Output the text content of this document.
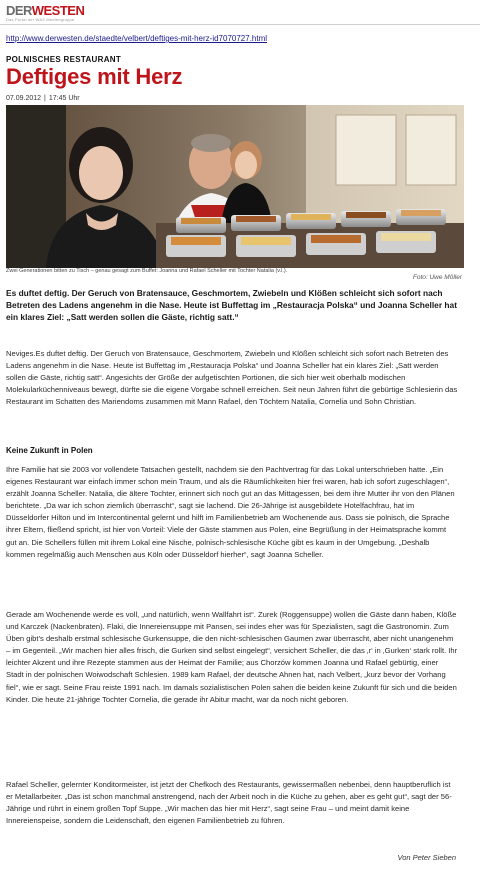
DERWESTEN
Das Portal der WAZ Mediengruppe
http://www.derwesten.de/staedte/velbert/deftiges-mit-herz-id7070727.html
POLNISCHES RESTAURANT
Deftiges mit Herz
07.09.2012 | 17:45 Uhr
Zwei Generationen bitten zu Tisch – genau gesagt zum Buffet: Joanna und Rafael Scheller mit Tochter Natalia (v.l.).
Foto: Uwe Möller
Es duftet deftig. Der Geruch von Bratensauce, Geschmortem, Zwiebeln und Klößen schleicht sich sofort nach Betreten des Ladens angenehm in die Nase. Heute ist Buffettag im „Restauracja Polska“ und Joanna Scheller hat ein klares Ziel: „Satt werden sollen die Gäste, richtig satt.“
Neviges.Es duftet deftig. Der Geruch von Bratensauce, Geschmortem, Zwiebeln und Klößen schleicht sich sofort nach Betreten des Ladens angenehm in die Nase. Heute ist Buffettag im „Restauracja Polska“ und Joanna Scheller hat ein klares Ziel: „Satt werden sollen die Gäste, richtig satt“. Angesichts der Größe der aufgetischten Portionen, die sich hier weit oberhalb modischen Molekularküchenniveaus bewegt, dürfte sie die eigene Vorgabe schnell erreichen. Seit neun Jahren führt die gebürtige Schlesierin das Restaurant im Schatten des Mariendoms zusammen mit Mann Rafael, den Töchtern Natalia, Cornelia und Sohn Christian.
Keine Zukunft in Polen
Ihre Familie hat sie 2003 vor vollendete Tatsachen gestellt, nachdem sie den Pachtvertrag für das Lokal unterschrieben hatte. „Ein eigenes Restaurant war einfach immer schon mein Traum, und als die Räumlichkeiten hier frei waren, hab ich sofort zugeschlagen“, erzählt Joanna Scheller. Natalia, die ältere Tochter, erinnert sich noch gut an das Mittagessen, bei dem ihre Mutter ihr von den Plänen berichtete. „Da war ich schon ziemlich überrascht“, sagt sie lachend. Die 26-Jährige ist ausgebildete Hotelfachfrau, hat im Düsseldorfer Hilton und im Intercontinental gelernt und hilft im Familienbetrieb am Wochenende aus. Dass sie polnisch, die Sprache ihrer Eltern, fließend spricht, ist hier von Vorteil: Viele der Gäste stammen aus Polen, eine Begrüßung in der Heimatsprache kommt gut an. Die Schellers füllen mit ihrem Lokal eine Nische, polnisch-schlesische Küche gibt es kaum in der Umgebung. „Deshalb kommen regelmäßig auch Menschen aus Köln oder Düsseldorf hierher“, sagt Joanna Scheller.
Gerade am Wochenende werde es voll, „und natürlich, wenn Wallfahrt ist“. Zurek (Roggensuppe) wollen die Gäste dann haben, Klöße und Karczek (Nackenbraten). Flaki, die Innereiensuppe mit Pansen, sei indes eher was für Spezialisten, sagt die Gastronomin. Zum Üben gibt’s deshalb erstmal schlesische Gurkensuppe, die den nicht-schlesischen Gaumen zwar überrascht, aber nicht unangenehm – im Gegenteil. „Wir machen hier alles frisch, die Gurken sind selbst eingelegt“, versichert Scheller, die das ‚r‘ in ‚Gurken‘ stark rollt. Ihr leichter Akzent und ihre Rezepte stammen aus der Heimat der Familie; aus Chorzów kommen Joanna und Rafael gebürtig, einer Stadt in der polnischen Woiwodschaft Schlesien. 1989 kam Rafael, der deutsche Ahnen hat, nach Velbert, „kurz bevor der Vorhang fiel“, wie er sagt. Seine Frau reiste 1991 nach. Im damals sozialistischen Polen sahen die beiden keine Zukunft für sich und die beiden Kinder. Die heute 21-jährige Tochter Cornelia, die gerade ihr Abitur macht, war da noch nicht geboren.
Rafael Scheller, gelernter Konditormeister, ist jetzt der Chefkoch des Restaurants, gewissermaßen nebenbei, denn hauptberuflich ist er Metallarbeiter. „Das ist schon manchmal anstrengend, nach der Arbeit noch in die Küche zu gehen, aber es geht gut“, sagt der 56-Jährige und rührt in einem großen Topf Suppe. „Wir machen das hier mit Herz“, sagt seine Frau – und meint damit keine Innereienspeise, sondern die Leidenschaft, den eigenen Familienbetrieb zu führen.
Von Peter Sieben
